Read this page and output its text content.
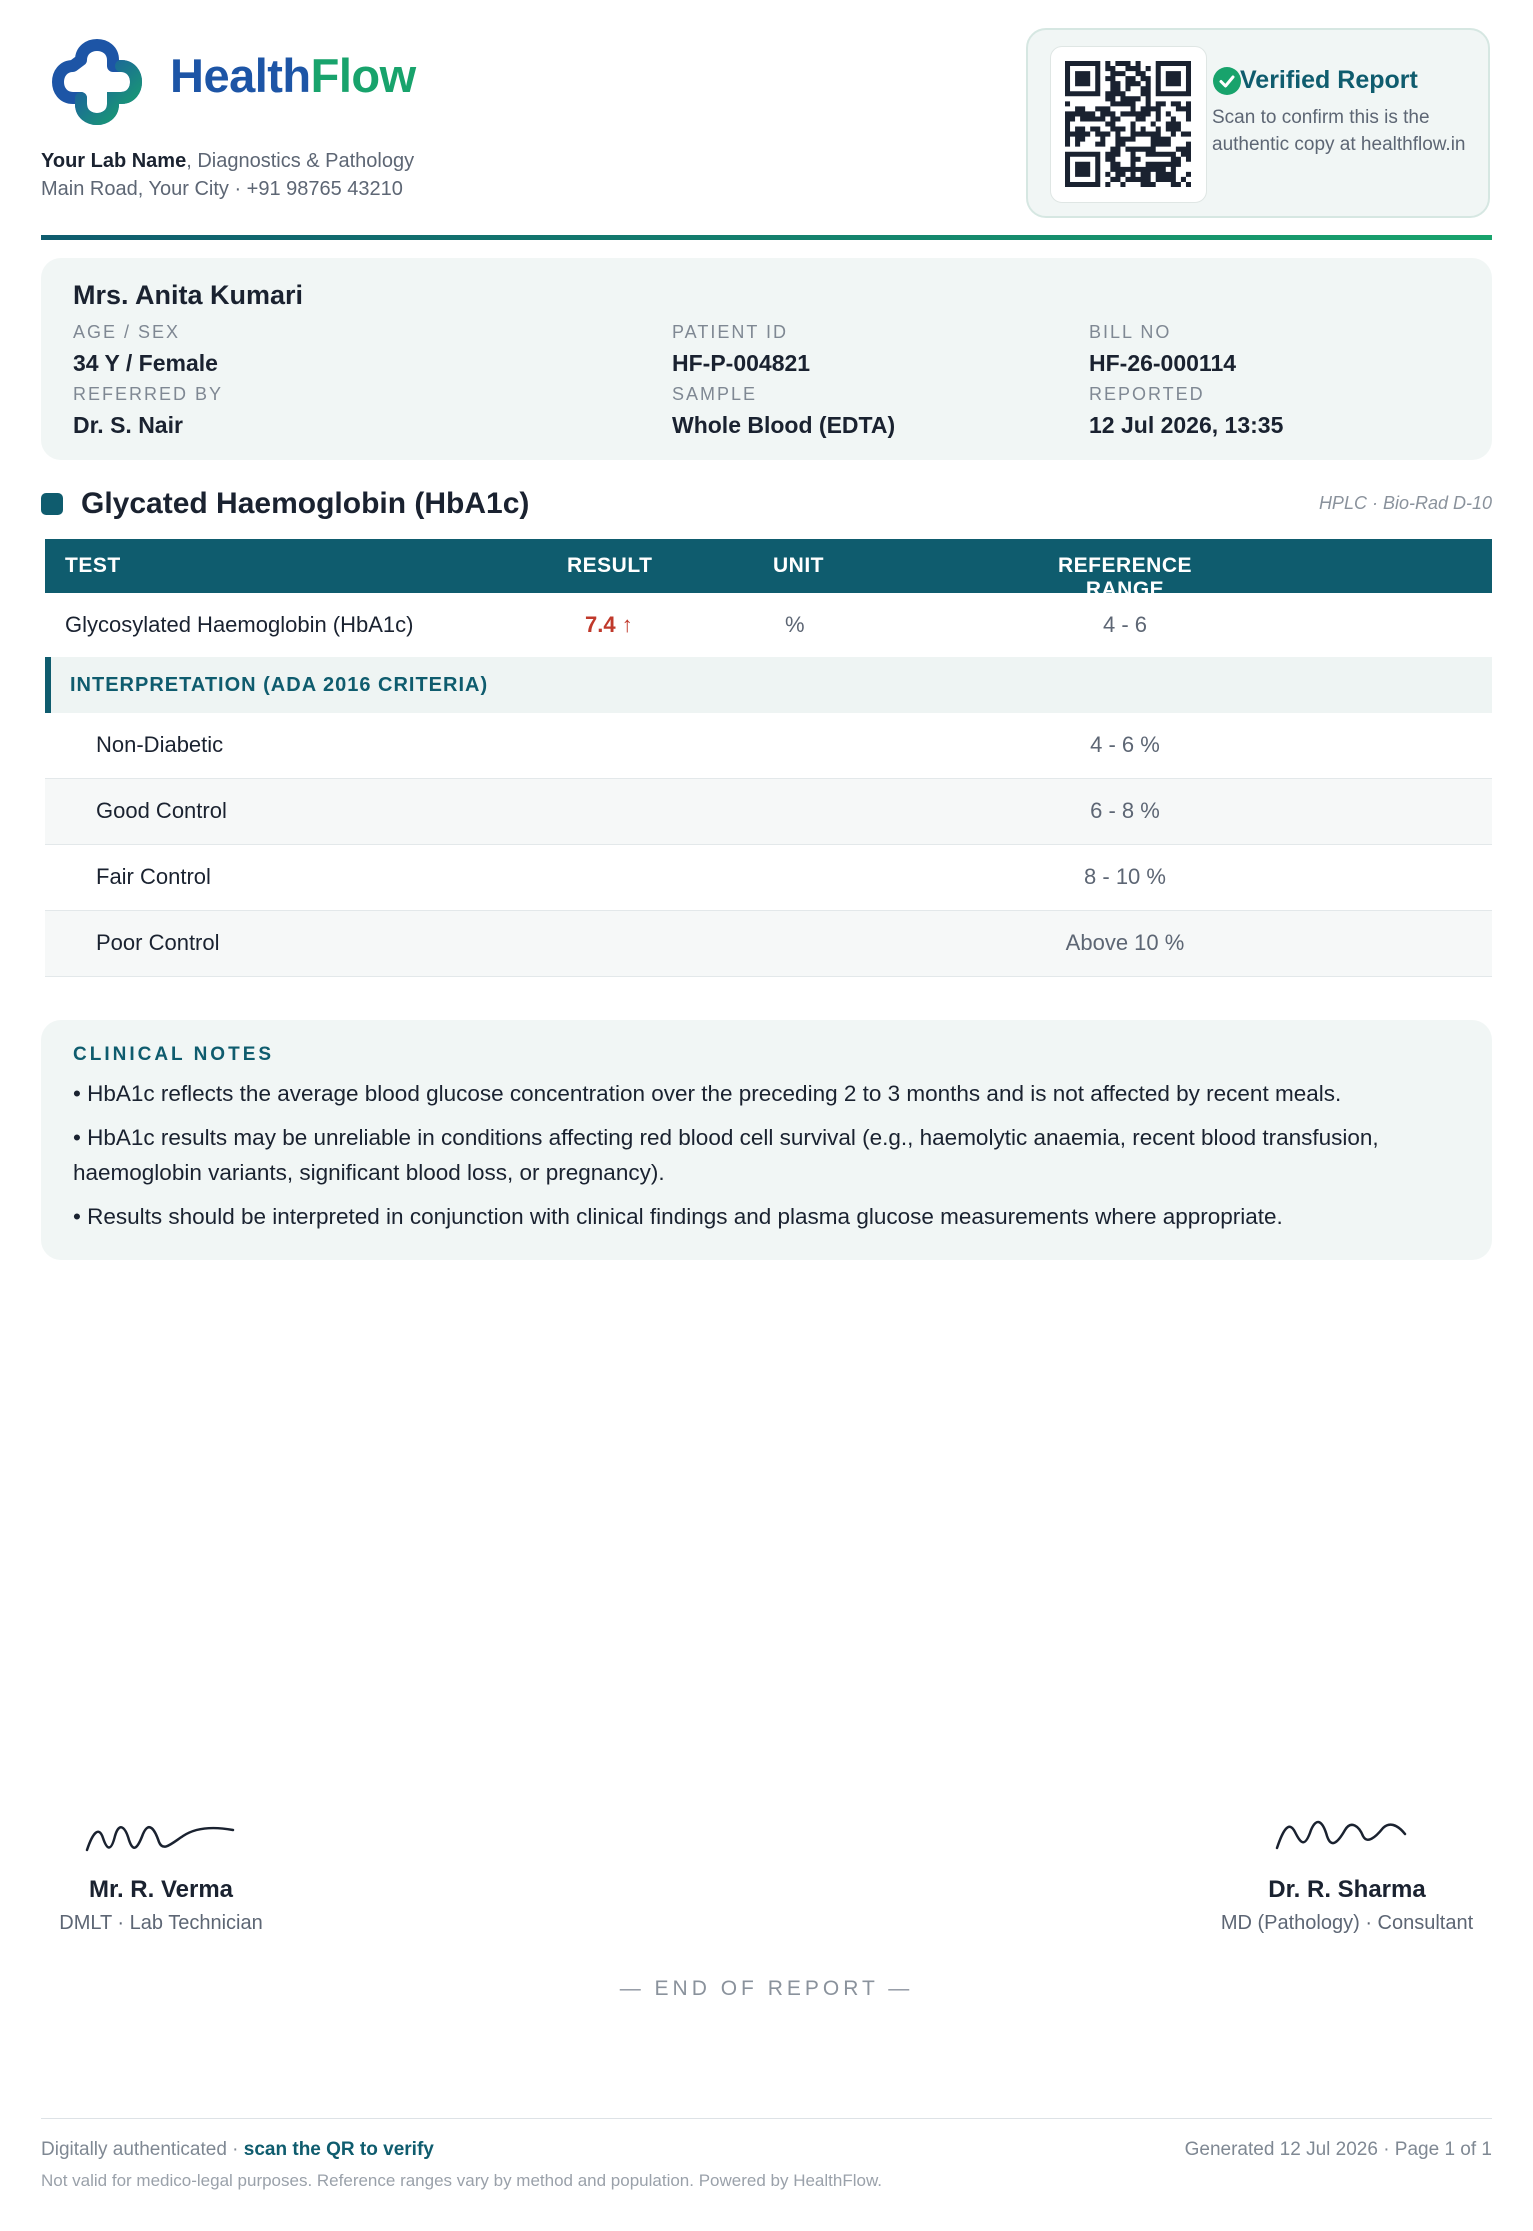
HealthFlow
Your Lab Name, Diagnostics & Pathology
Main Road, Your City · +91 98765 43210
Verified Report
Scan to confirm this is the authentic copy at healthflow.in
Mrs. Anita Kumari
AGE / SEX
34 Y / Female
REFERRED BY
Dr. S. Nair
PATIENT ID
HF-P-004821
SAMPLE
Whole Blood (EDTA)
BILL NO
HF-26-000114
REPORTED
12 Jul 2026, 13:35
Glycated Haemoglobin (HbA1c)	HPLC · Bio-Rad D-10
TEST	RESULT	UNIT	REFERENCE RANGE
Glycosylated Haemoglobin (HbA1c)	7.4 ↑	%	4 - 6
INTERPRETATION (ADA 2016 CRITERIA)
Non-Diabetic	4 - 6 %
Good Control	6 - 8 %
Fair Control	8 - 10 %
Poor Control	Above 10 %
CLINICAL NOTES
• HbA1c reflects the average blood glucose concentration over the preceding 2 to 3 months and is not affected by recent meals.
• HbA1c results may be unreliable in conditions affecting red blood cell survival (e.g., haemolytic anaemia, recent blood transfusion, haemoglobin variants, significant blood loss, or pregnancy).
• Results should be interpreted in conjunction with clinical findings and plasma glucose measurements where appropriate.
Mr. R. Verma
DMLT · Lab Technician
Dr. R. Sharma
MD (Pathology) · Consultant
— END OF REPORT —
Digitally authenticated · scan the QR to verify
Not valid for medico-legal purposes. Reference ranges vary by method and population. Powered by HealthFlow.
Generated 12 Jul 2026 · Page 1 of 1
